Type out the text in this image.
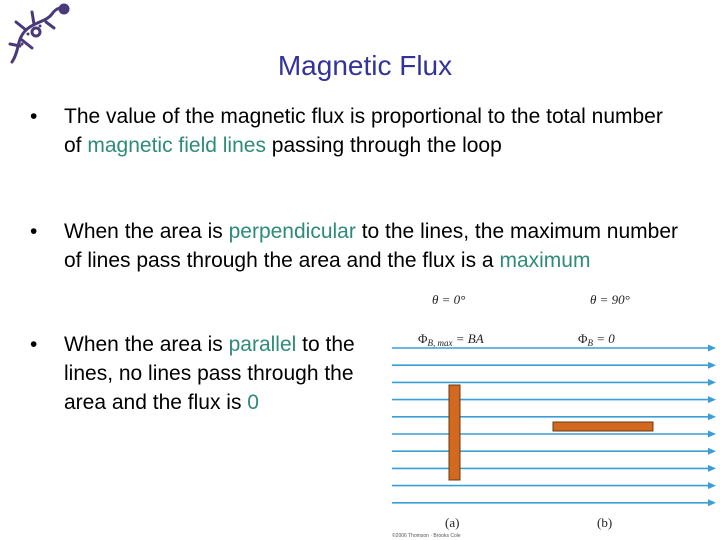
Magnetic Flux
• The value of the magnetic flux is proportional to the total number of magnetic field lines passing through the loop
• When the area is perpendicular to the lines, the maximum number of lines pass through the area and the flux is a maximum
• When the area is parallel to the lines, no lines pass through the area and the flux is 0
θ = 0°	θ = 90°
$\Phi_{B, max}$ = BA	$\Phi_B = 0$
(a)	(b)
©2006 Thomson · Brooks Cole
